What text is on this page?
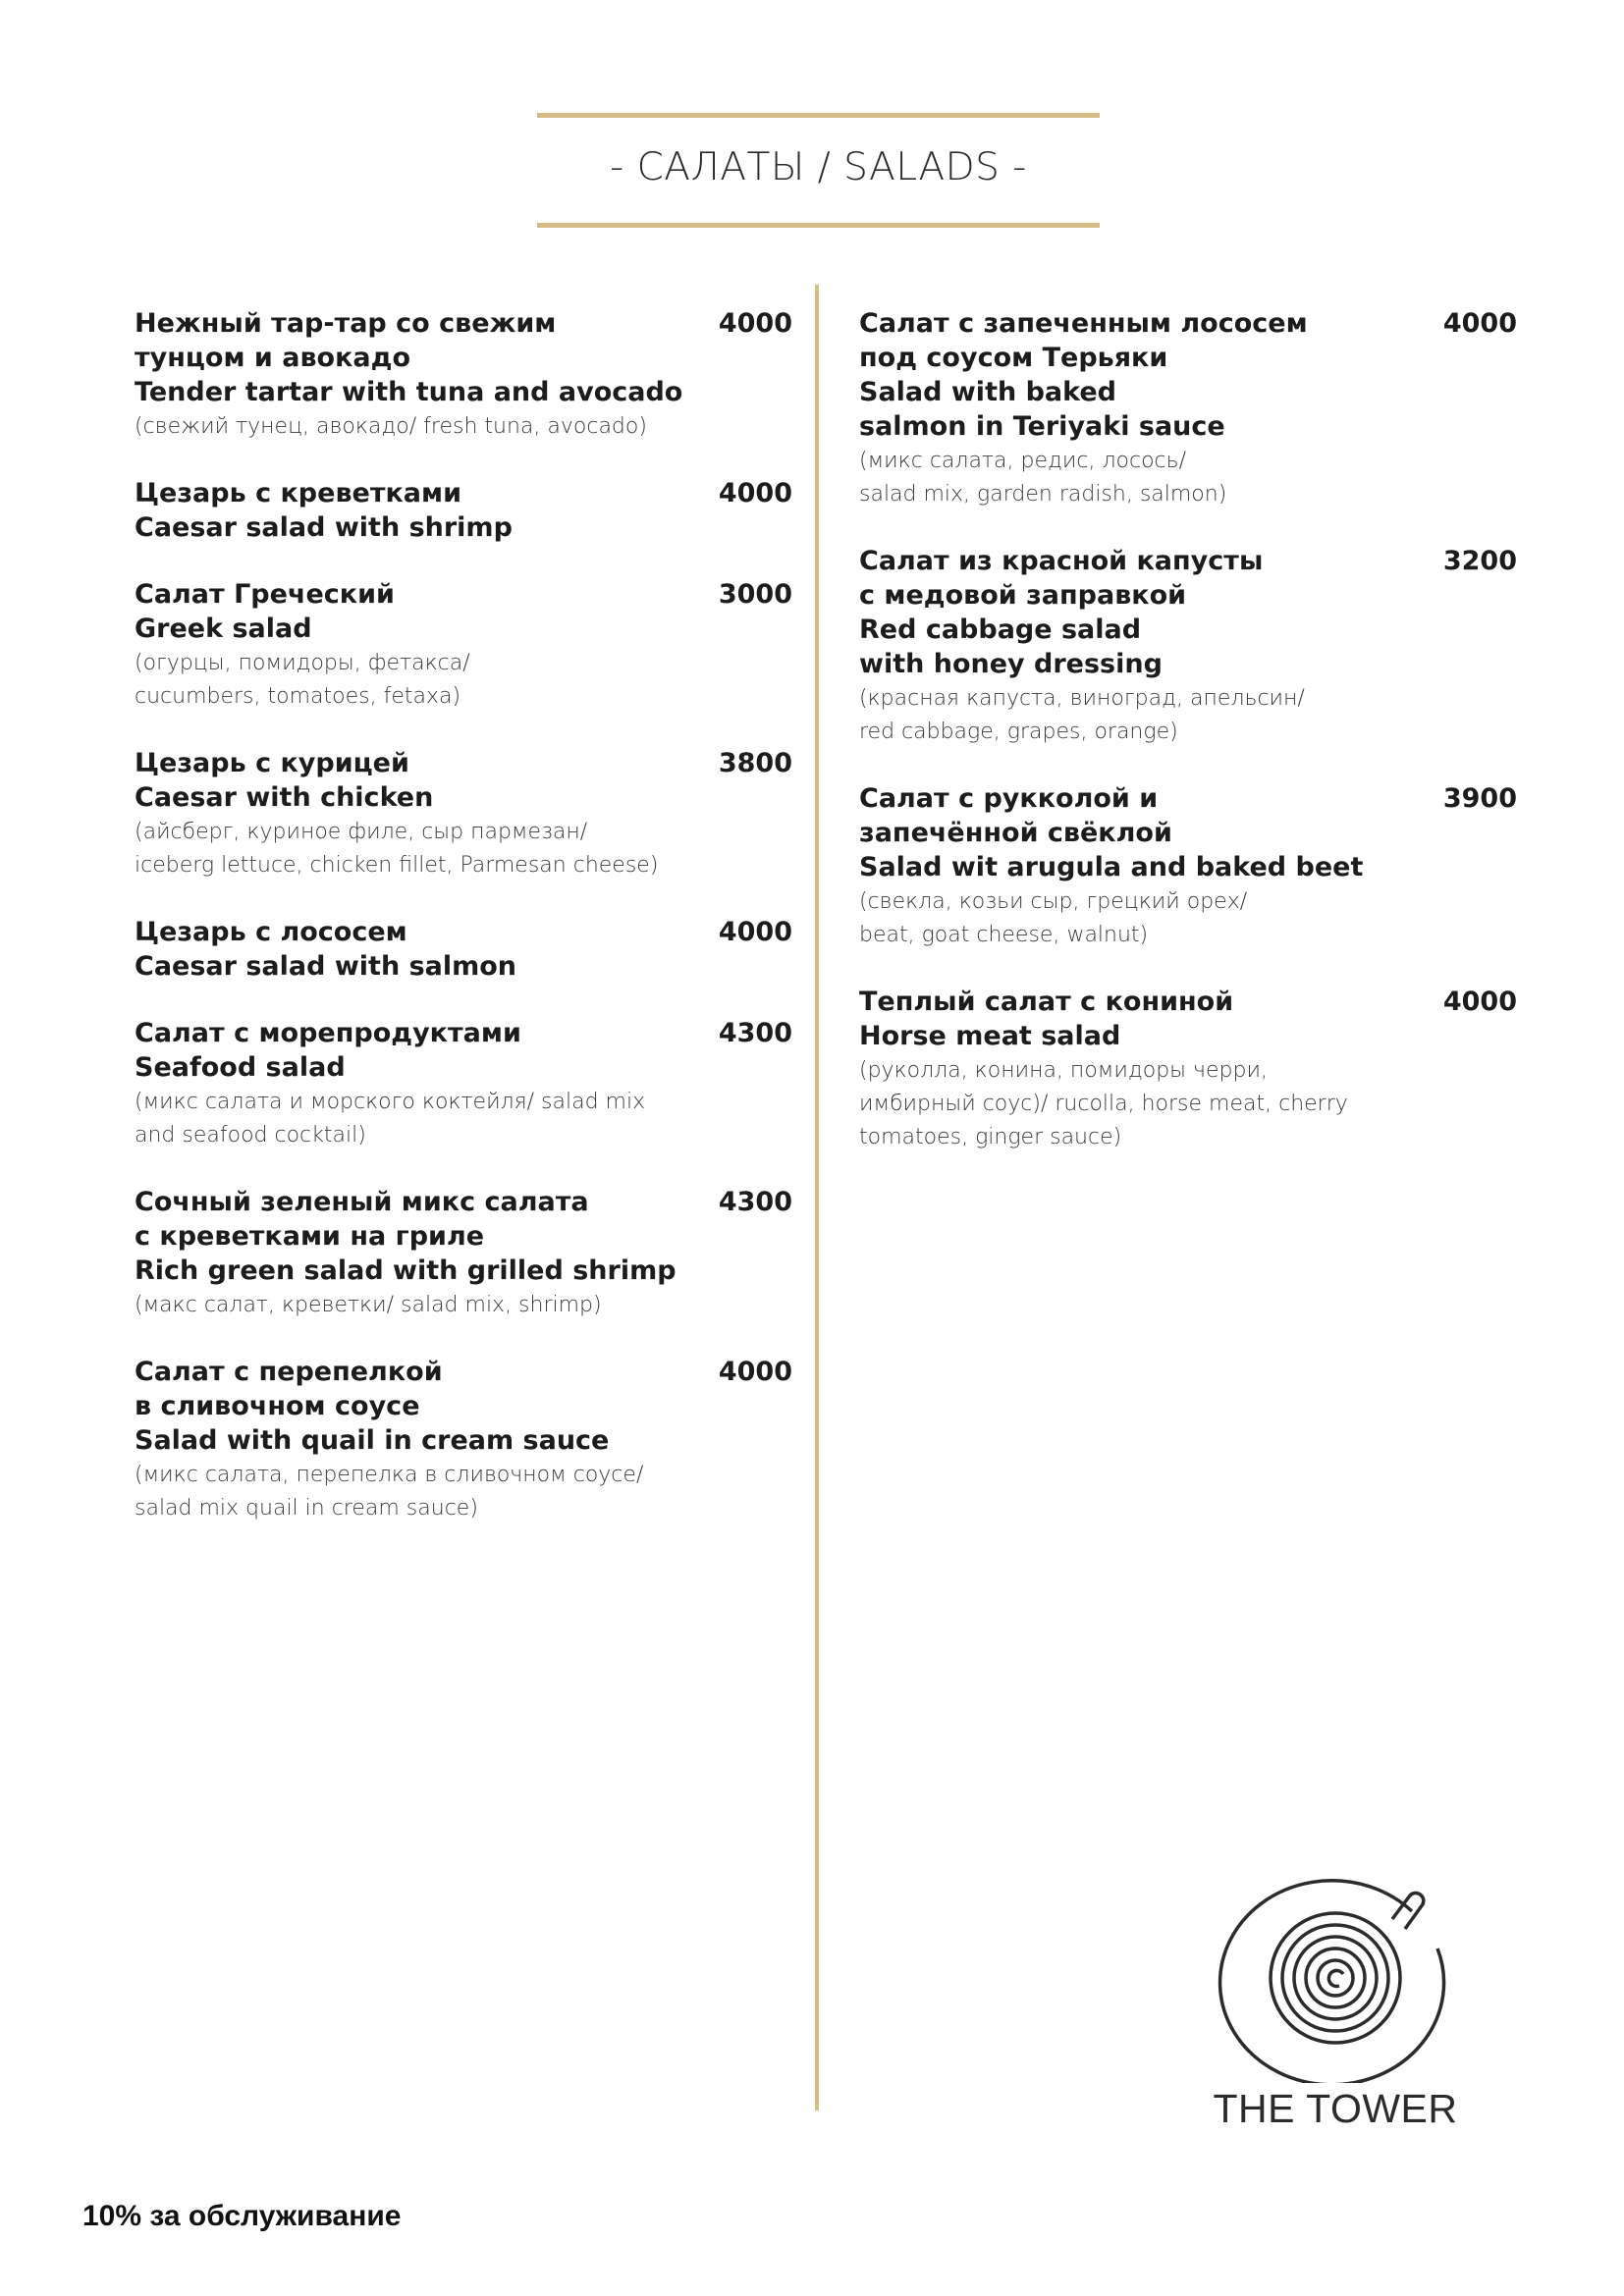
- САЛАТЫ / SALADS -
Нежный тар-тар со свежим
тунцом и авокадо
Tender tartar with tuna and avocado
4000
(свежий тунец, авокадо/ fresh tuna, avocado)
Цезарь с креветками
Caesar salad with shrimp
4000
Салат Греческий
Greek salad
3000
(огурцы, помидоры, фетакса/
cucumbers, tomatoes, fetaxa)
Цезарь с курицей
Caesar with chicken
3800
(айсберг, куриное филе, сыр пармезан/
iceberg lettuce, chicken fillet, Parmesan cheese)
Цезарь с лососем
Caesar salad with salmon
4000
Салат с морепродуктами
Seafood salad
4300
(микс салата и морского коктейля/ salad mix
and seafood cocktail)
Сочный зеленый микс салата
с креветками на гриле
Rich green salad with grilled shrimp
4300
(макс салат, креветки/ salad mix, shrimp)
Салат с перепелкой
в сливочном соусе
Salad with quail in cream sauce
4000
(микс салата, перепелка в сливочном соусе/
salad mix quail in cream sauce)
Салат с запеченным лососем
под соусом Терьяки
Salad with baked
salmon in Teriyaki sauce
4000
(микс салата, редис, лосось/
salad mix, garden radish, salmon)
Салат из красной капусты
с медовой заправкой
Red cabbage salad
with honey dressing
3200
(красная капуста, виноград, апельсин/
red cabbage, grapes, orange)
Салат с рукколой и
запечённой свёклой
Salad wit arugula and baked beet
3900
(свекла, козьи сыр, грецкий орех/
beat, goat cheese, walnut)
Теплый салат с кониной
Horse meat salad
4000
(руколла, конина, помидоры черри,
имбирный соус)/ rucolla, horse meat, cherry
tomatoes, ginger sauce)
THE TOWER
10% за обслуживание
